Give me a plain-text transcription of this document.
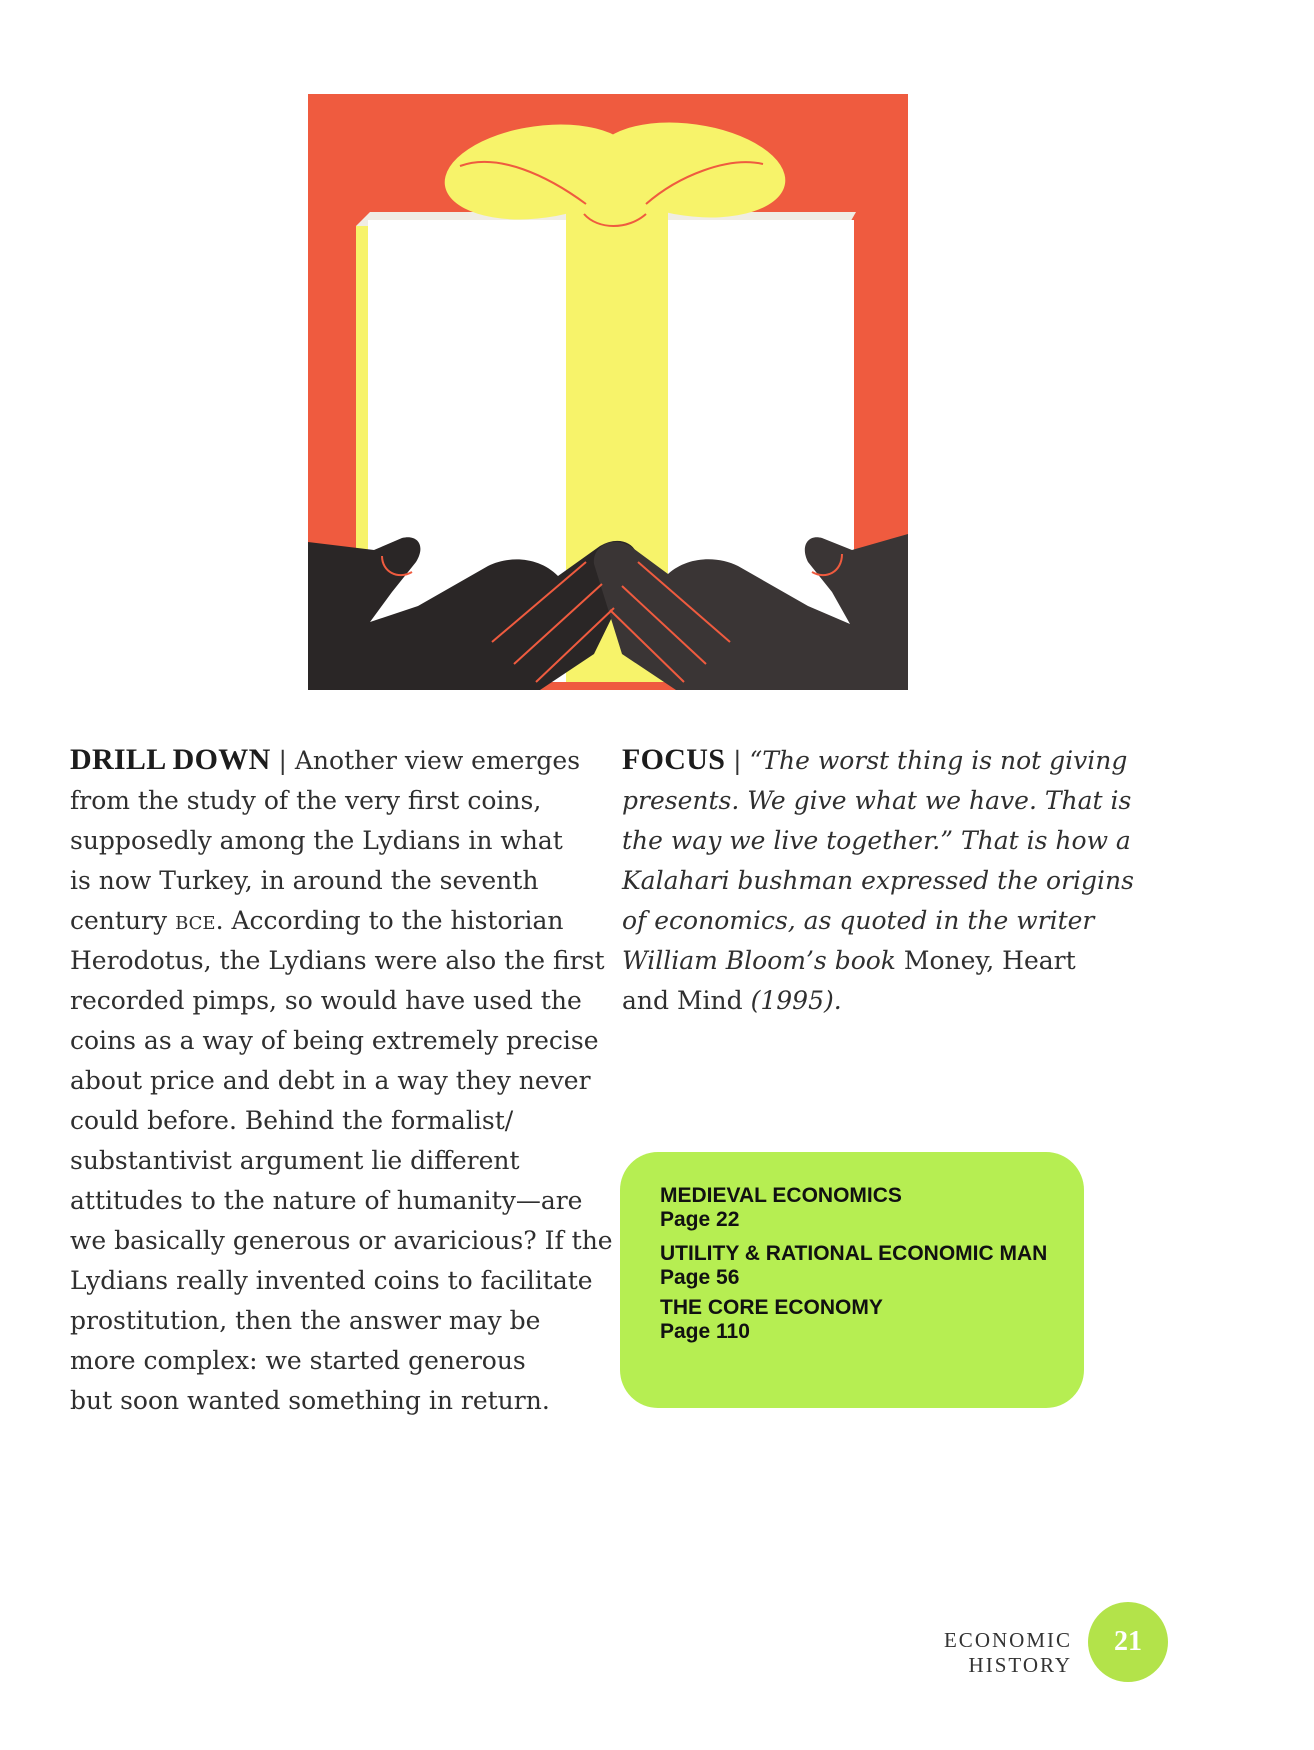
DRILL DOWN | Another view emerges
from the study of the very first coins,
supposedly among the Lydians in what
is now Turkey, in around the seventh
century bce. According to the historian
Herodotus, the Lydians were also the first
recorded pimps, so would have used the
coins as a way of being extremely precise
about price and debt in a way they never
could before. Behind the formalist/
substantivist argument lie different
attitudes to the nature of humanity—are
we basically generous or avaricious? If the
Lydians really invented coins to facilitate
prostitution, then the answer may be
more complex: we started generous
but soon wanted something in return.
FOCUS | “The worst thing is not giving
presents. We give what we have. That is
the way we live together.” That is how a
Kalahari bushman expressed the origins
of economics, as quoted in the writer
William Bloom’s book Money, Heart
and Mind (1995).
MEDIEVAL ECONOMICS
Page 22
UTILITY & RATIONAL ECONOMIC MAN
Page 56
THE CORE ECONOMY
Page 110
ECONOMIC HISTORY
21
